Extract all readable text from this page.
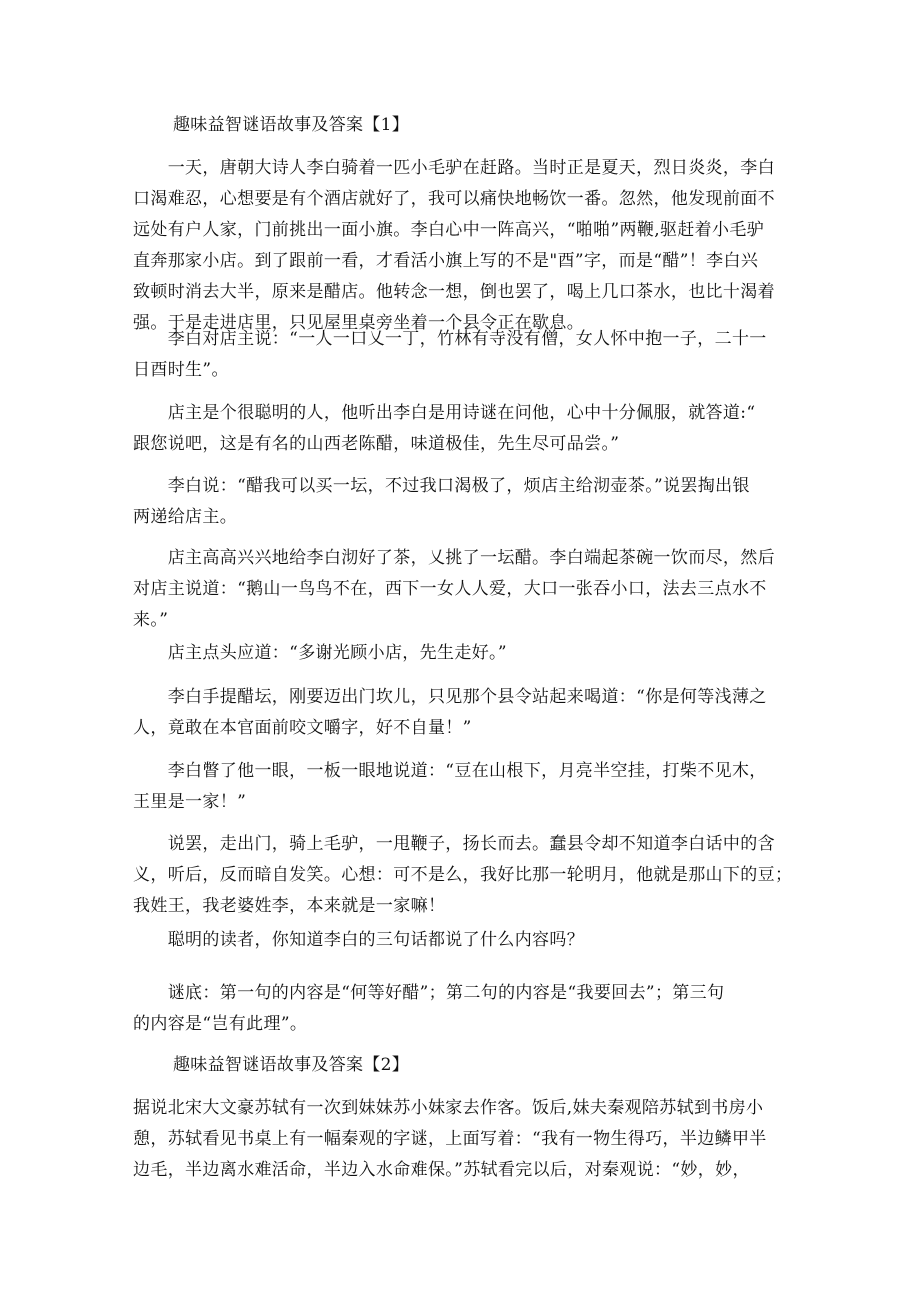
趣味益智谜语故事及答案【1】
　　一天，唐朝大诗人李白骑着一匹小毛驴在赶路。当时正是夏天，烈日炎炎，李白
口渴难忍，心想要是有个酒店就好了，我可以痛快地畅饮一番。忽然，他发现前面不
远处有户人家，门前挑出一面小旗。李白心中一阵高兴，“啪啪”两鞭,驱赶着小毛驴
直奔那家小店。到了跟前一看，才看活小旗上写的不是"酉”字，而是“醋”！李白兴
致顿时消去大半，原来是醋店。他转念一想，倒也罢了，喝上几口茶水，也比十渴着
强。于是走进店里，只见屋里桌旁坐着一个县令正在歇息。
　　李白对店主说：“一人一口乂一丁，竹林有寺没有僧，女人怀中抱一子，二十一
日酉时生”。
　　店主是个很聪明的人，他听出李白是用诗谜在问他，心中十分佩服，就答道:“
跟您说吧，这是有名的山西老陈醋，味道极佳，先生尽可品尝。”
　　李白说：“醋我可以买一坛，不过我口渴极了，烦店主给沏壶茶。”说罢掏出银
两递给店主。
　　店主高高兴兴地给李白沏好了茶，乂挑了一坛醋。李白端起茶碗一饮而尽，然后
对店主说道：“鹅山一鸟鸟不在，西下一女人人爱，大口一张吞小口，法去三点水不
来。”
　　店主点头应道：“多谢光顾小店，先生走好。”
　　李白手提醋坛，刚要迈出门坎儿，只见那个县令站起来喝道：“你是何等浅薄之
人，竟敢在本官面前咬文嚼字，好不自量！”
　　李白瞥了他一眼，一板一眼地说道：“豆在山根下，月亮半空挂，打柴不见木，
王里是一家！”
　　说罢，走出门，骑上毛驴，一甩鞭子，扬长而去。蠢县令却不知道李白话中的含
义，听后，反而暗自发笑。心想：可不是么，我好比那一轮明月，他就是那山下的豆；
我姓王，我老婆姓李，本来就是一家嘛！
　　聪明的读者，你知道李白的三句话都说了什么内容吗？
　　谜底：第一句的内容是“何等好醋”；第二句的内容是“我要回去”；第三句
的内容是“岂有此理”。
趣味益智谜语故事及答案【2】
据说北宋大文豪苏轼有一次到妹妹苏小妹家去作客。饭后,妹夫秦观陪苏轼到书房小
憩，苏轼看见书桌上有一幅秦观的字谜，上面写着：“我有一物生得巧，半边鳞甲半
边毛，半边离水难活命，半边入水命难保。”苏轼看完以后，对秦观说：“妙，妙，
